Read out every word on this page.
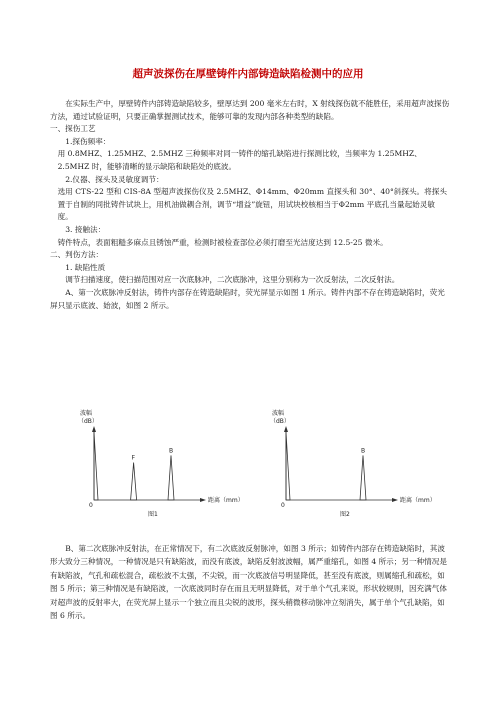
超声波探伤在厚壁铸件内部铸造缺陷检测中的应用

在实际生产中，厚壁铸件内部铸造缺陷较多，壁厚达到 200 毫米左右时，X 射线探伤就不能胜任，采用超声波探伤方法，通过试验证明，只要正确掌握测试技术，能够可靠的发现内部各种类型的缺陷。

一、探伤工艺

1.探伤频率：

用 0.8MHZ、1.25MHZ、2.5MHZ 三种频率对同一铸件的缩孔缺陷进行探测比较，当频率为 1.25MHZ、2.5MHZ 时，能够清晰的显示缺陷和缺陷处的底波。

2.仪器、探头及灵敏度调节：

选用 CTS-22 型和 CIS-8A 型超声波探伤仪及 2.5MHZ、Φ14mm、Φ20mm 直探头和 30°、40°斜探头。将探头置于自制的同批铸件试块上，用机油做耦合剂，调节“增益”旋钮，用试块校核相当于Φ2mm 平底孔当量起始灵敏度。

3. 接触法：

铸件特点，表面粗糙多麻点且锈蚀严重，检测时被检查部位必须打磨至光洁度达到 12.5-25 微米。

二、判伤方法：

1. 缺陷性质

调节扫描速度，使扫描范围对应一次底脉冲，二次底脉冲，这里分别称为一次反射法，二次反射法。

A、第一次底脉冲反射法，铸件内部存在铸造缺陷时，荧光屏显示如图 1 所示。铸件内部不存在铸造缺陷时，荧光屏只显示底波、始波，如图 2 所示。

波幅
（dB）
F
B
0
距离（mm）
图1
波幅
（dB）
B
0
距离（mm）
图2

B、第二次底脉冲反射法，在正常情况下，有二次底波反射脉冲，如图 3 所示；如铸件内部存在铸造缺陷时，其波形大致分三种情况，一种情况是只有缺陷波，而没有底波，缺陷反射波波幅，属严重缩孔，如图 4 所示；另一种情况是有缺陷波，气孔和疏松混合，疏松波不太强，不尖锐，而一次底波信号明显降低，甚至没有底波，则属缩孔和疏松，如图 5 所示；第三种情况是有缺陷波，一次底波同时存在而且无明显降低，对于单个气孔来说，形状较规则，因充满气体对超声波的反射率大，在荧光屏上显示一个独立而且尖锐的波形，探头稍微移动脉冲立刻消失，属于单个气孔缺陷，如图 6 所示。
